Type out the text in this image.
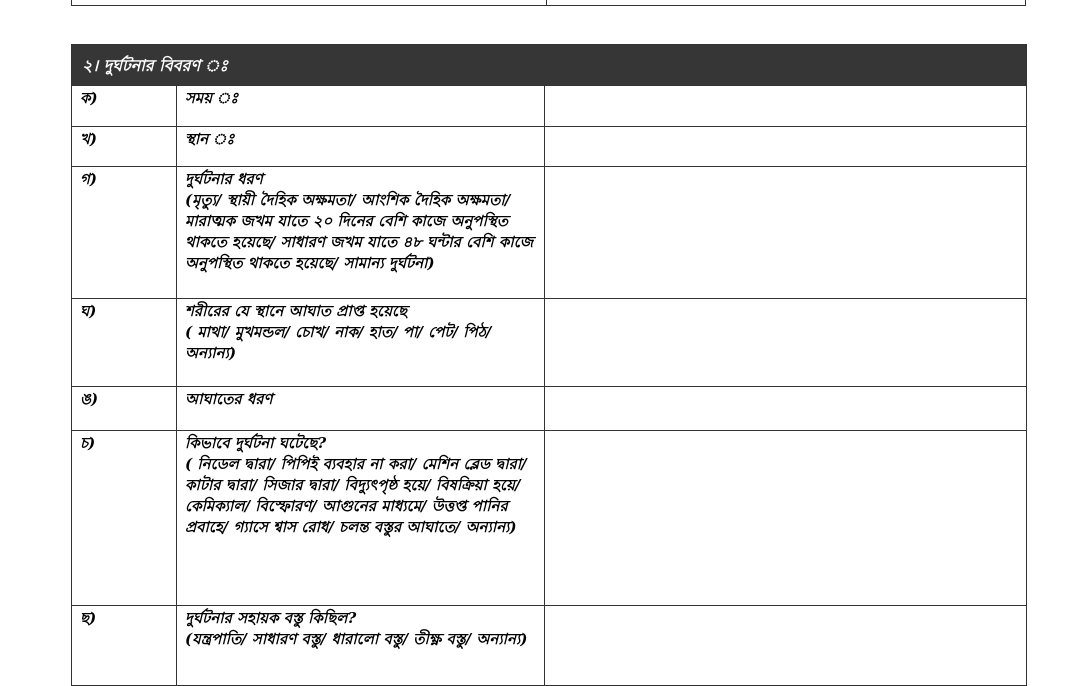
২। দুর্ঘটনার বিবরণ ঃ		
ক)	সময় ঃ	

খ)	স্থান ঃ	

গ)	দুর্ঘটনার ধরণ
(মৃত্যু/ স্থায়ী দৈহিক অক্ষমতা/ আংশিক দৈহিক অক্ষমতা/ মারাত্মক জখম যাতে ২০ দিনের বেশি কাজে অনুপস্থিত থাকতে হয়েছে/ সাধারণ জখম যাতে ৪৮ ঘন্টার বেশি কাজে অনুপস্থিত থাকতে হয়েছে/ সামান্য দুর্ঘটনা)	

ঘ)	শরীরের যে স্থানে আঘাত প্রাপ্ত হয়েছে
( মাথা/ মুখমন্ডল/ চোখ/ নাক/ হাত/ পা/ পেট/ পিঠ/ অন্যান্য)	

ঙ)	আঘাতের ধরণ	

চ)	কিভাবে দুর্ঘটনা ঘটেছে?
( নিডেল দ্বারা/ পিপিই ব্যবহার না করা/ মেশিন ব্লেড দ্বারা/ কাটার দ্বারা/ সিজার দ্বারা/ বিদ্যুৎপৃষ্ঠ হয়ে/ বিষক্রিয়া হয়ে/ কেমিক্যাল/ বিস্ফোরণ/ আগুনের মাধ্যমে/ উত্তপ্ত পানির প্রবাহে/ গ্যাসে শ্বাস রোধ/ চলন্ত বস্তুর আঘাতে/ অন্যান্য)	

ছ)	দুর্ঘটনার সহায়ক বস্তু কিছিল?
(যন্ত্রপাতি/ সাধারণ বস্তু/ ধারালো বস্তু/ তীক্ষ্ণ বস্তু/ অন্যান্য)	
